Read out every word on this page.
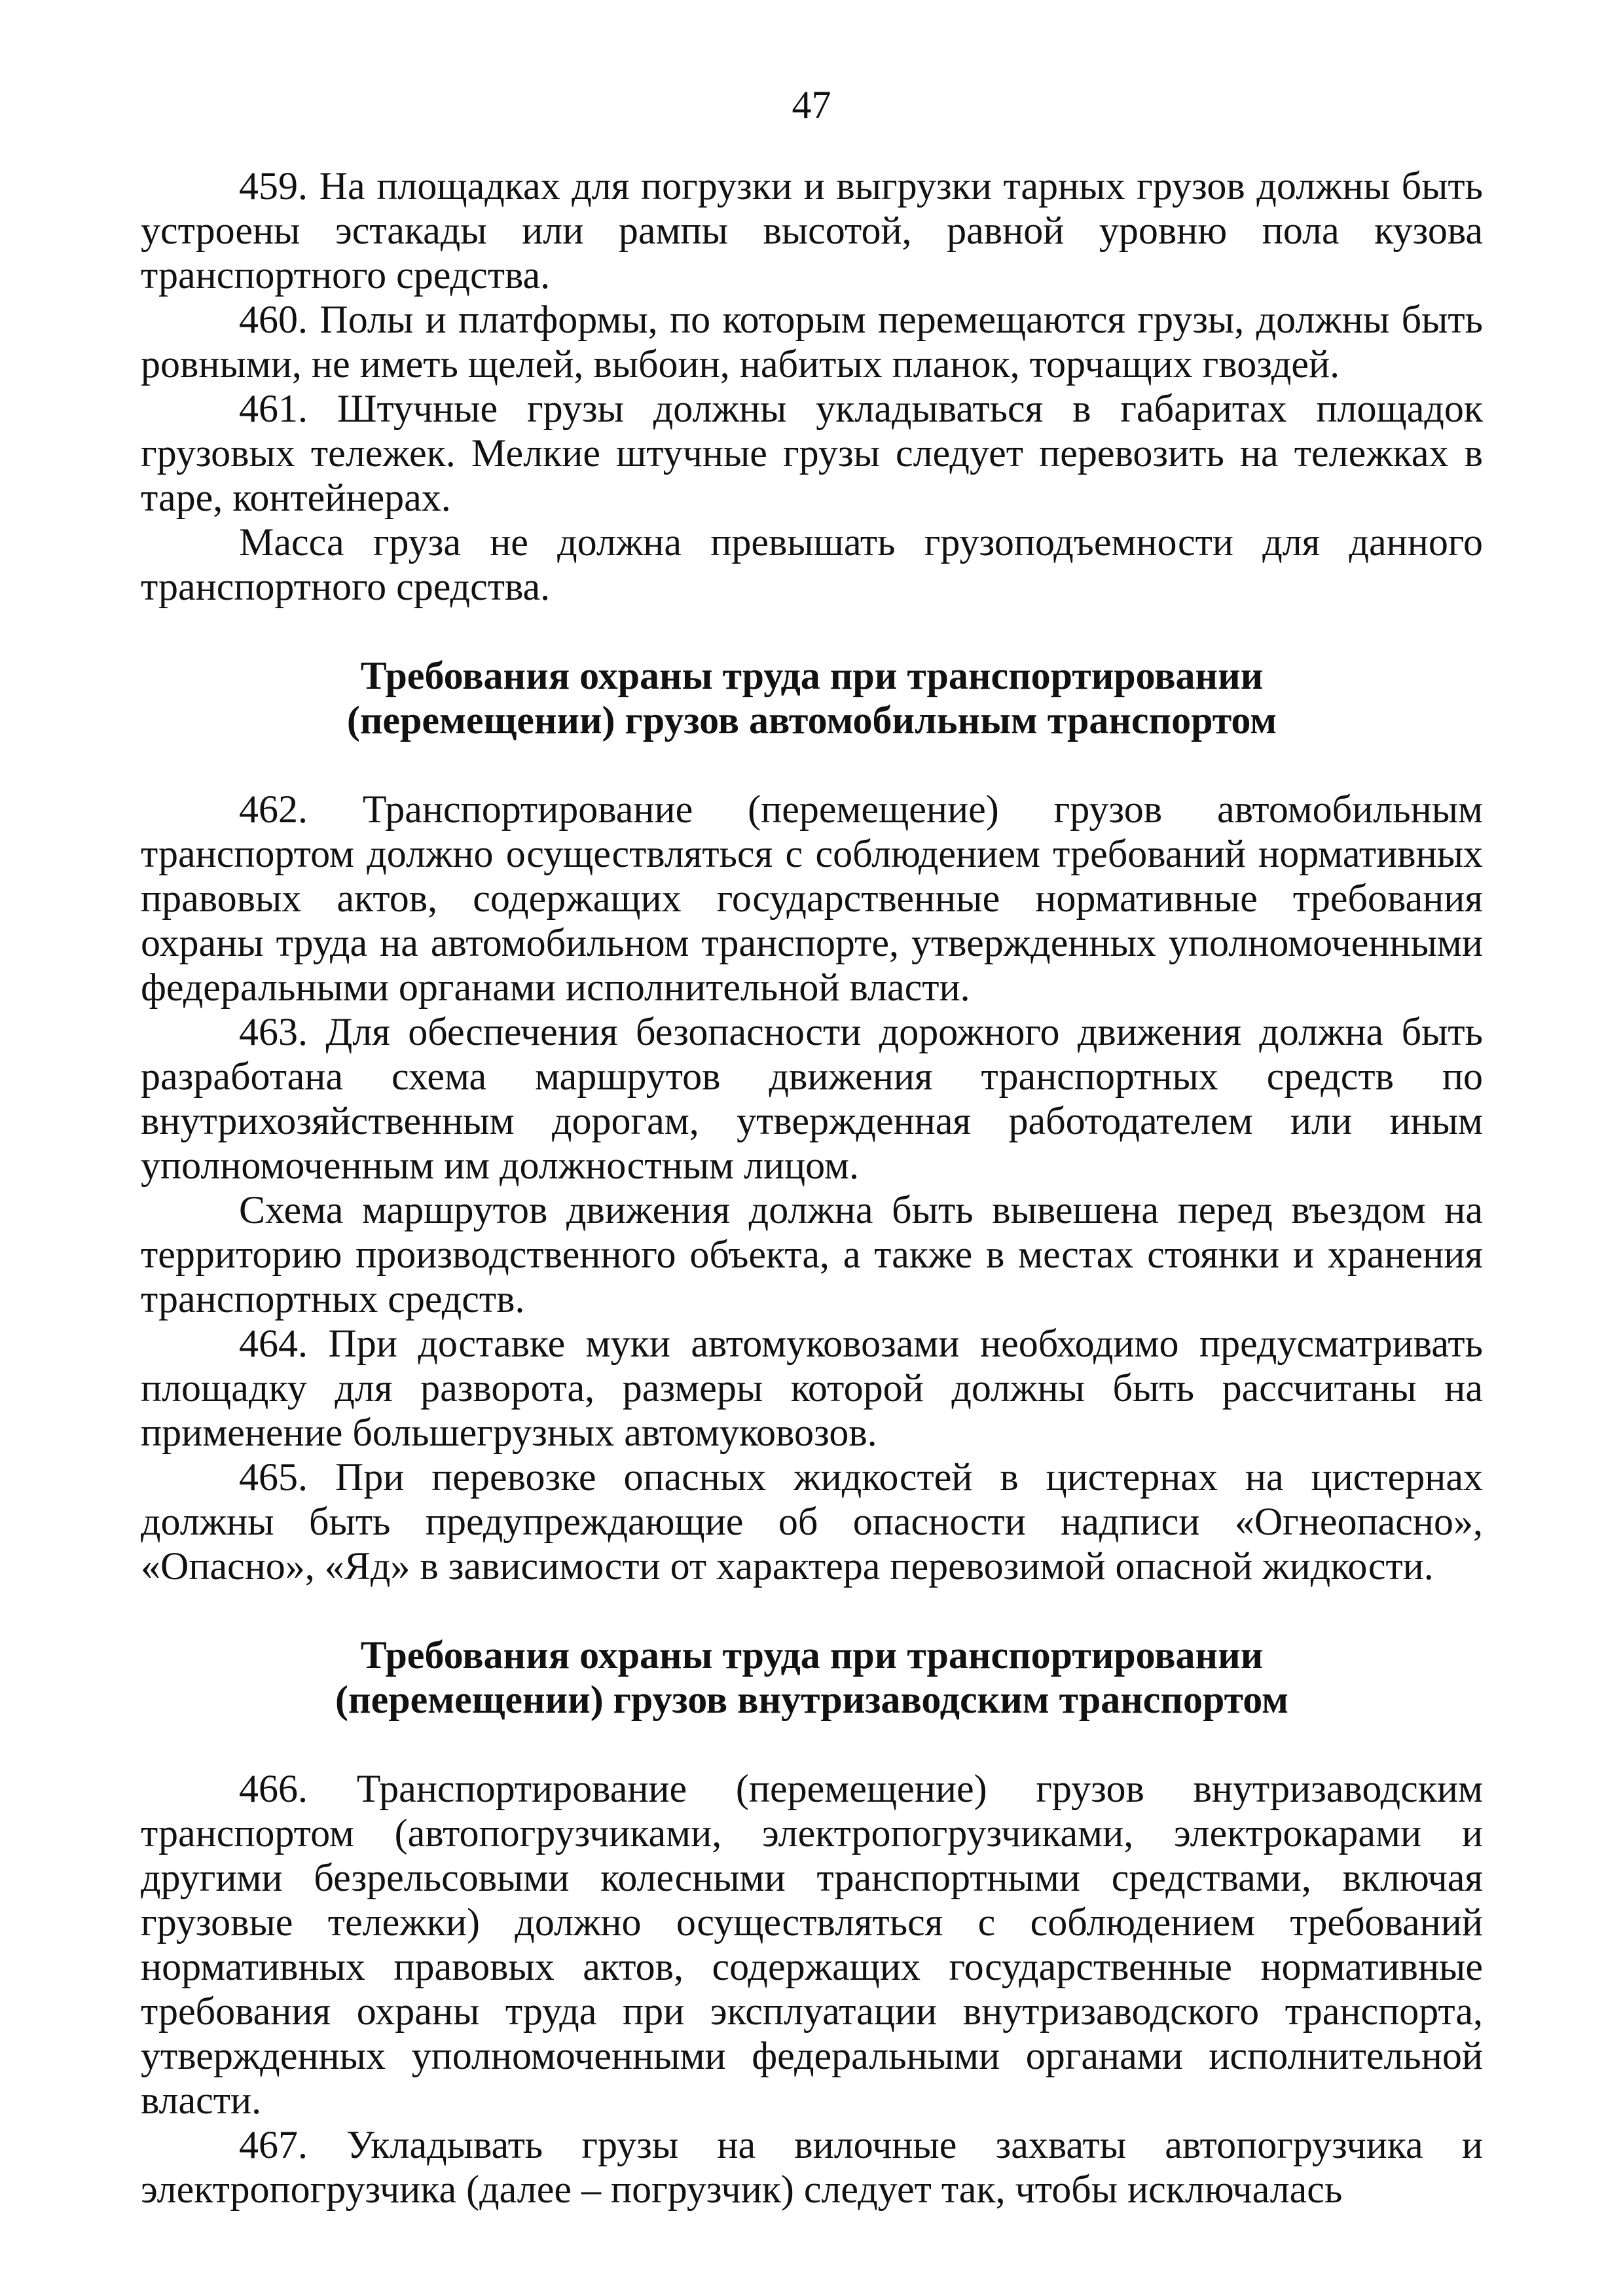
47

459. На площадках для погрузки и выгрузки тарных грузов должны быть устроены эстакады или рампы высотой, равной уровню пола кузова транспортного средства.

460. Полы и платформы, по которым перемещаются грузы, должны быть ровными, не иметь щелей, выбоин, набитых планок, торчащих гвоздей.

461. Штучные грузы должны укладываться в габаритах площадок грузовых тележек. Мелкие штучные грузы следует перевозить на тележках в таре, контейнерах.

Масса груза не должна превышать грузоподъемности для данного транспортного средства.

Требования охраны труда при транспортировании
(перемещении) грузов автомобильным транспортом

462. Транспортирование (перемещение) грузов автомобильным транспортом должно осуществляться с соблюдением требований нормативных правовых актов, содержащих государственные нормативные требования охраны труда на автомобильном транспорте, утвержденных уполномоченными федеральными органами исполнительной власти.

463. Для обеспечения безопасности дорожного движения должна быть разработана схема маршрутов движения транспортных средств по внутрихозяйственным дорогам, утвержденная работодателем или иным уполномоченным им должностным лицом.

Схема маршрутов движения должна быть вывешена перед въездом на территорию производственного объекта, а также в местах стоянки и хранения транспортных средств.

464. При доставке муки автомуковозами необходимо предусматривать площадку для разворота, размеры которой должны быть рассчитаны на применение большегрузных автомуковозов.

465. При перевозке опасных жидкостей в цистернах на цистернах должны быть предупреждающие об опасности надписи «Огнеопасно», «Опасно», «Яд» в зависимости от характера перевозимой опасной жидкости.

Требования охраны труда при транспортировании
(перемещении) грузов внутризаводским транспортом

466. Транспортирование (перемещение) грузов внутризаводским транспортом (автопогрузчиками, электропогрузчиками, электрокарами и другими безрельсовыми колесными транспортными средствами, включая грузовые тележки) должно осуществляться с соблюдением требований нормативных правовых актов, содержащих государственные нормативные требования охраны труда при эксплуатации внутризаводского транспорта, утвержденных уполномоченными федеральными органами исполнительной власти.

467. Укладывать грузы на вилочные захваты автопогрузчика и электропогрузчика (далее – погрузчик) следует так, чтобы исключалась
